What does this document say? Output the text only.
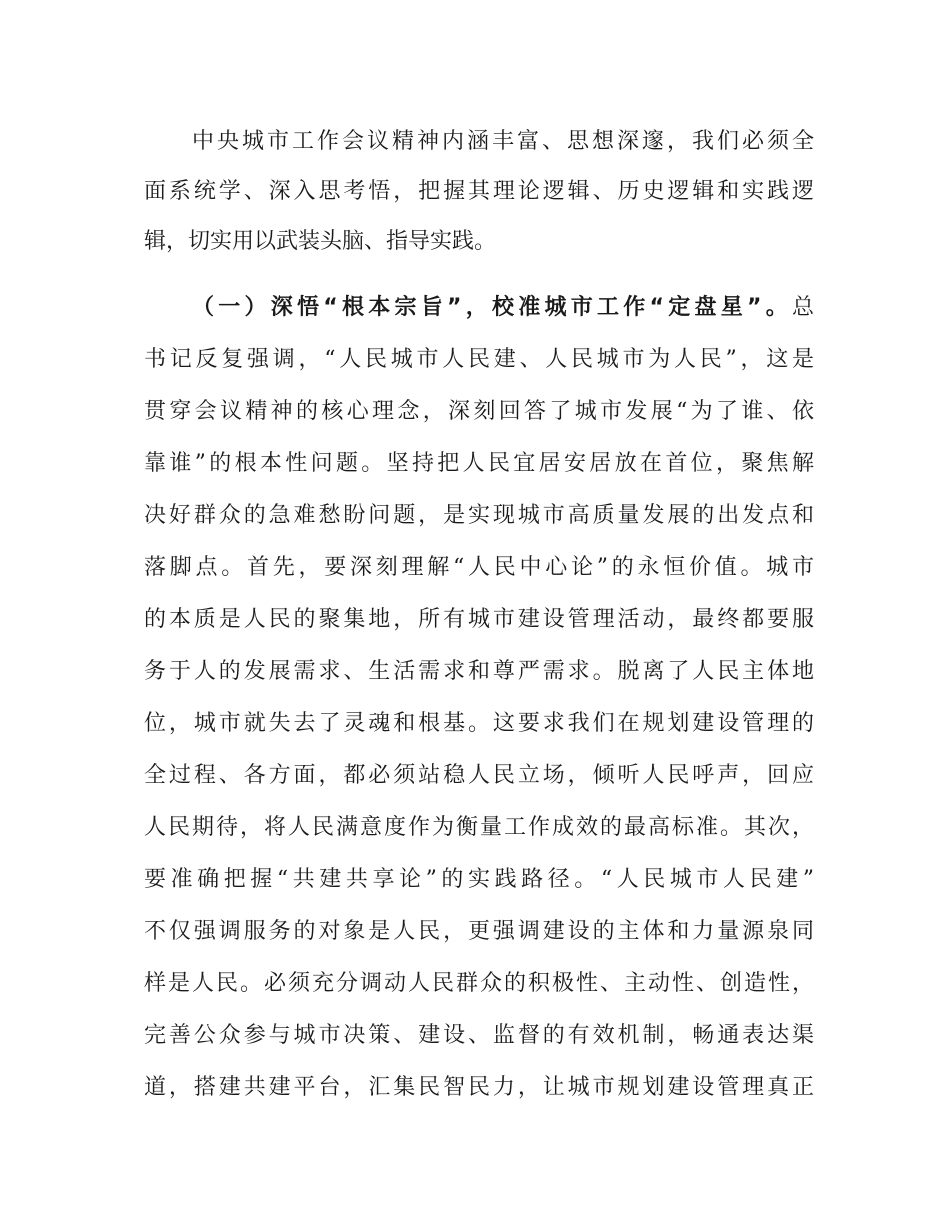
中央城市工作会议精神内涵丰富、思想深邃，我们必须全
面系统学、深入思考悟，把握其理论逻辑、历史逻辑和实践逻
辑，切实用以武装头脑、指导实践。
（一）深悟“根本宗旨”，校准城市工作“定盘星”。总
书记反复强调，“人民城市人民建、人民城市为人民”，这是
贯穿会议精神的核心理念，深刻回答了城市发展“为了谁、依
靠谁”的根本性问题。坚持把人民宜居安居放在首位，聚焦解
决好群众的急难愁盼问题，是实现城市高质量发展的出发点和
落脚点。首先，要深刻理解“人民中心论”的永恒价值。城市
的本质是人民的聚集地，所有城市建设管理活动，最终都要服
务于人的发展需求、生活需求和尊严需求。脱离了人民主体地
位，城市就失去了灵魂和根基。这要求我们在规划建设管理的
全过程、各方面，都必须站稳人民立场，倾听人民呼声，回应
人民期待，将人民满意度作为衡量工作成效的最高标准。其次，
要准确把握“共建共享论”的实践路径。“人民城市人民建”
不仅强调服务的对象是人民，更强调建设的主体和力量源泉同
样是人民。必须充分调动人民群众的积极性、主动性、创造性，
完善公众参与城市决策、建设、监督的有效机制，畅通表达渠
道，搭建共建平台，汇集民智民力，让城市规划建设管理真正
